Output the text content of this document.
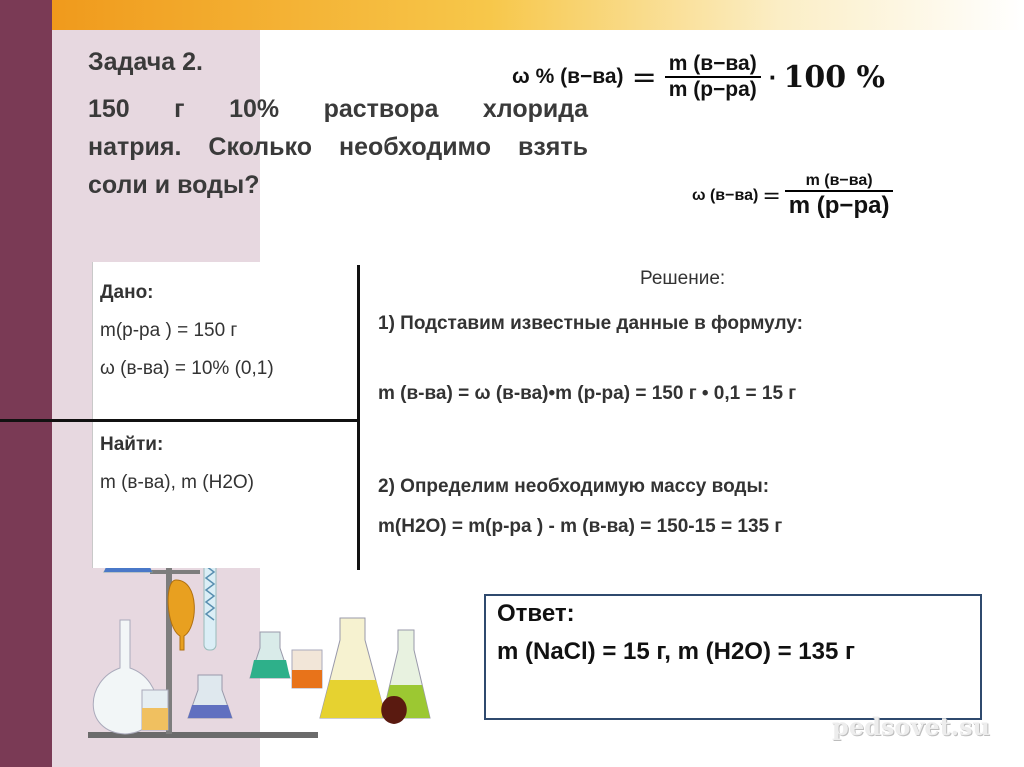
Задача 2.
150 г 10% раствора хлорида
натрия. Сколько необходимо взять
соли и воды?
ω % $(в-ва) = \frac{m (в-ва)}{m (р-ра)} \cdot 100$ %
ω $(в-ва) = \frac{m (в-ва)}{m (р-ра)}$
Дано:
m(р-ра ) = 150 г
ω (в-ва) = 10% (0,1)
Найти:
m (в-ва), m (H2O)
Решение:
1) Подставим известные данные в формулу:
m (в-ва) = ω (в-ва)•m (р-ра) = 150 г • 0,1 = 15 г
2) Определим необходимую массу воды:
m(H2O) = m(р-ра ) - m (в-ва) = 150-15 = 135 г
Ответ:
m (NaCl) = 15 г, m (H2O) = 135 г
pedsovet.su
